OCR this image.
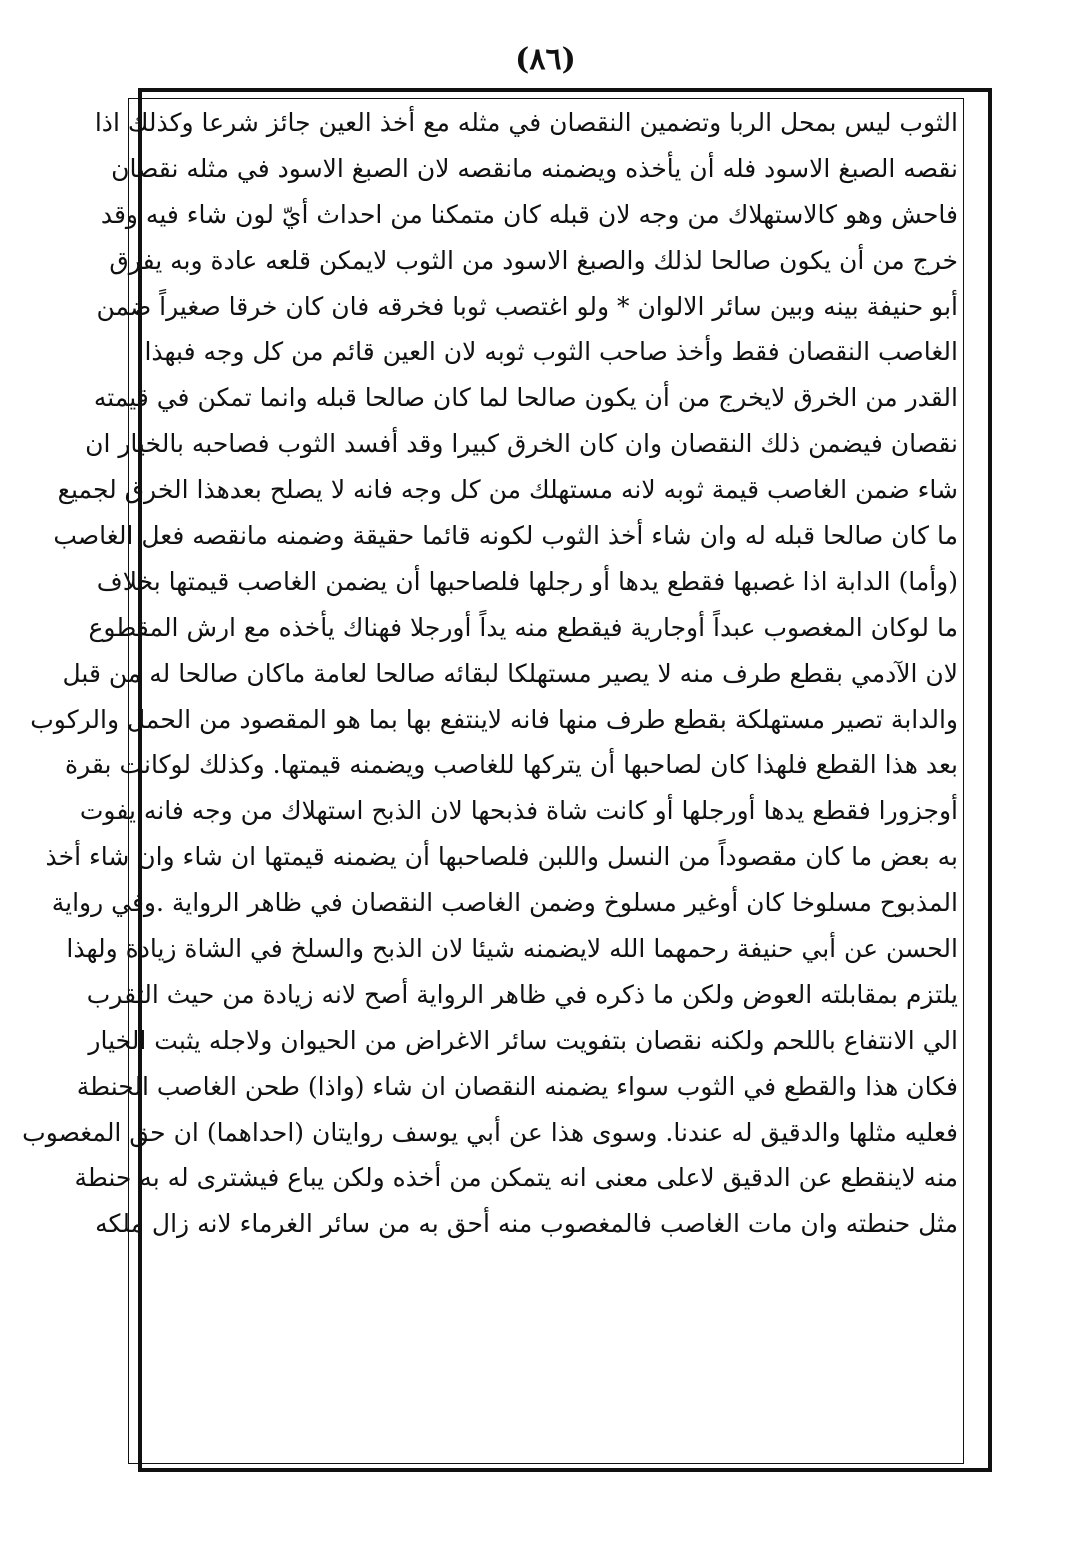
(٨٦)
الثوب ليس بمحل الربا وتضمين النقصان في مثله مع أخذ العين جائز شرعا وكذلك اذا
نقصه الصبغ الاسود فله أن يأخذه ويضمنه مانقصه لان الصبغ الاسود في مثله نقصان
فاحش وهو كالاستهلاك من وجه لان قبله كان متمكنا من احداث أيّ لون شاء فيه وقد
خرج من أن يكون صالحا لذلك والصبغ الاسود من الثوب لايمكن قلعه عادة وبه يفرق
أبو حنيفة بينه وبين سائر الالوان * ولو اغتصب ثوبا فخرقه فان كان خرقا صغيراً ضمن
الغاصب النقصان فقط وأخذ صاحب الثوب ثوبه لان العين قائم من كل وجه فبهذا
القدر من الخرق لايخرج من أن يكون صالحا لما كان صالحا قبله وانما تمكن في قيمته
نقصان فيضمن ذلك النقصان وان كان الخرق كبيرا وقد أفسد الثوب فصاحبه بالخيار ان
شاء ضمن الغاصب قيمة ثوبه لانه مستهلك من كل وجه فانه لا يصلح بعدهذا الخرق لجميع
ما كان صالحا قبله له وان شاء أخذ الثوب لكونه قائما حقيقة وضمنه مانقصه فعل الغاصب
(وأما) الدابة اذا غصبها فقطع يدها أو رجلها فلصاحبها أن يضمن الغاصب قيمتها بخلاف
ما لوكان المغصوب عبداً أوجارية فيقطع منه يداً أورجلا فهناك يأخذه مع ارش المقطوع
لان الآدمي بقطع طرف منه لا يصير مستهلكا لبقائه صالحا لعامة ماكان صالحا له من قبل
والدابة تصير مستهلكة بقطع طرف منها فانه لاينتفع بها بما هو المقصود من الحمل والركوب
بعد هذا القطع فلهذا كان لصاحبها أن يتركها للغاصب ويضمنه قيمتها. وكذلك لوكانت بقرة
أوجزورا فقطع يدها أورجلها أو كانت شاة فذبحها لان الذبح استهلاك من وجه فانه يفوت
به بعض ما كان مقصوداً من النسل واللبن فلصاحبها أن يضمنه قيمتها ان شاء وان شاء أخذ
المذبوح مسلوخا كان أوغير مسلوخ وضمن الغاصب النقصان في ظاهر الرواية .وفي رواية
الحسن عن أبي حنيفة رحمهما الله لايضمنه شيئا لان الذبح والسلخ في الشاة زيادة ولهذا
يلتزم بمقابلته العوض ولكن ما ذكره في ظاهر الرواية أصح لانه زيادة من حيث التقرب
الي الانتفاع باللحم ولكنه نقصان بتفويت سائر الاغراض من الحيوان ولاجله يثبت الخيار
فكان هذا والقطع في الثوب سواء يضمنه النقصان ان شاء (واذا) طحن الغاصب الحنطة
فعليه مثلها والدقيق له عندنا. وسوى هذا عن أبي يوسف روايتان (احداهما) ان حق المغصوب
منه لاينقطع عن الدقيق لاعلى معنى انه يتمكن من أخذه ولكن يباع فيشترى له به حنطة
مثل حنطته وان مات الغاصب فالمغصوب منه أحق به من سائر الغرماء لانه زال ملكه
